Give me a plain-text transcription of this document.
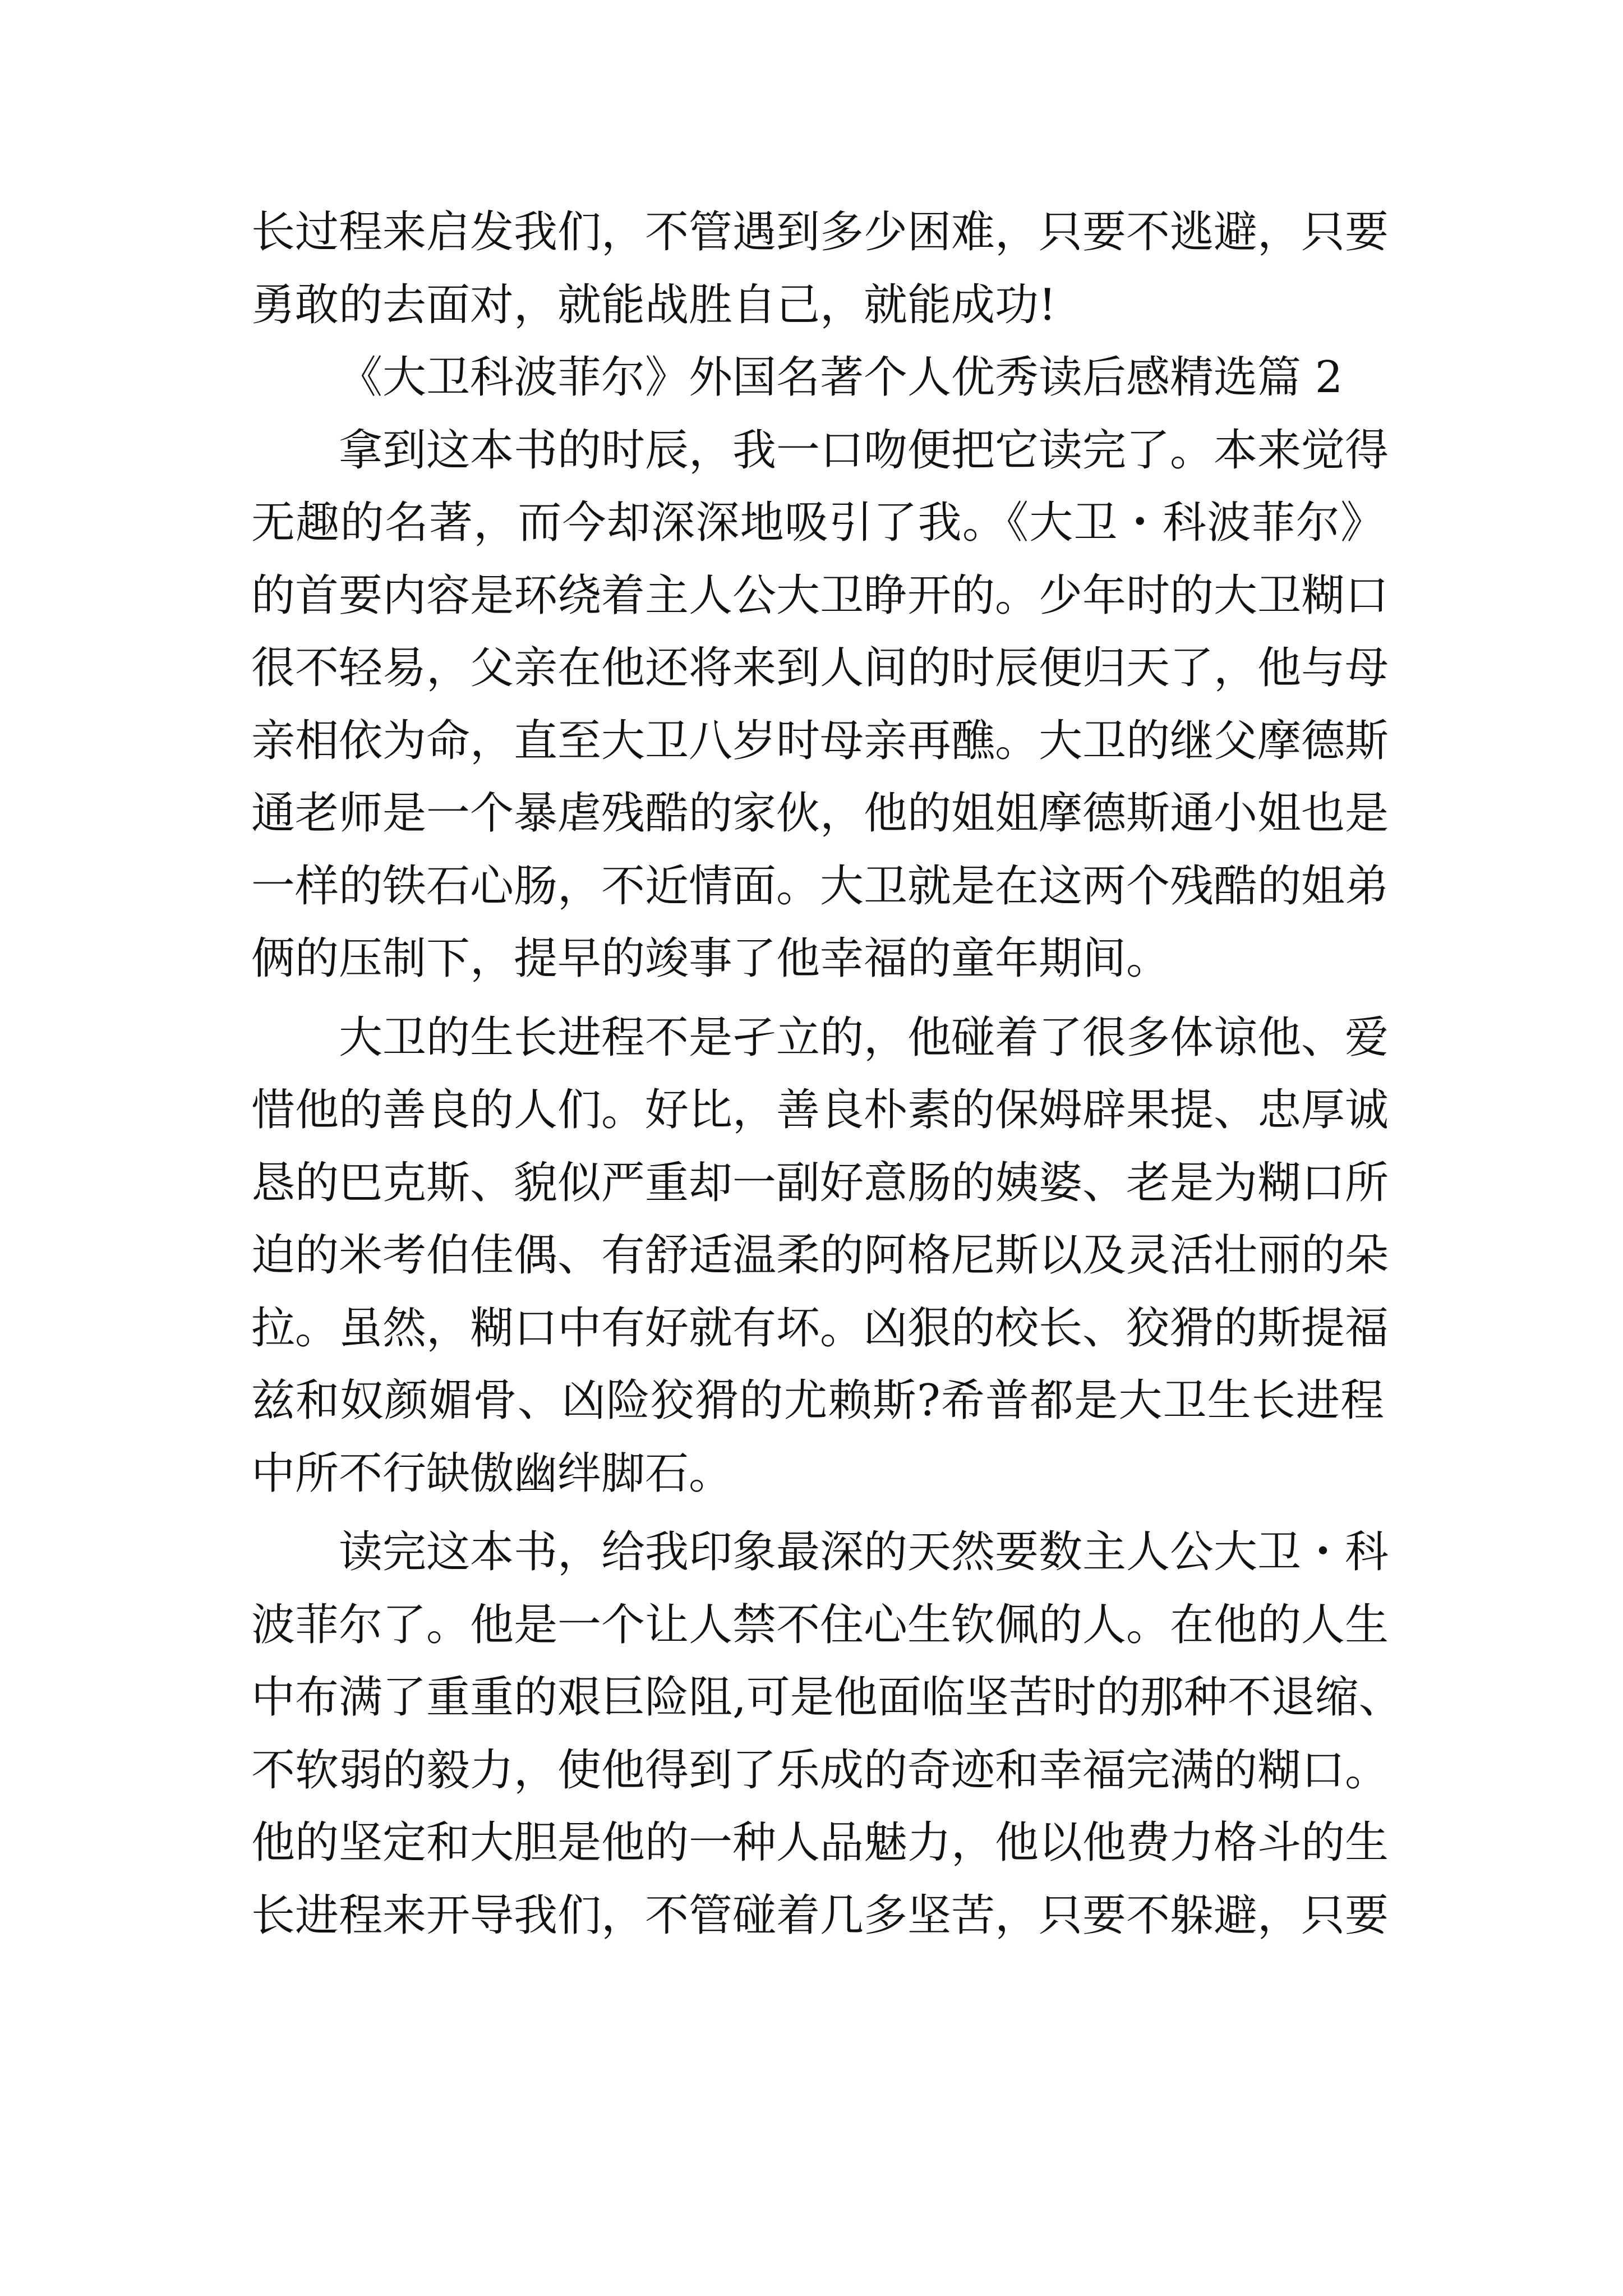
长过程来启发我们，不管遇到多少困难，只要不逃避，只要
勇敢的去面对，就能战胜自己，就能成功!
《大卫科波菲尔》外国名著个人优秀读后感精选篇 2
拿到这本书的时辰，我一口吻便把它读完了。本来觉得
无趣的名著，而今却深深地吸引了我。《大卫・科波菲尔》
的首要内容是环绕着主人公大卫睁开的。少年时的大卫糊口
很不轻易，父亲在他还将来到人间的时辰便归天了，他与母
亲相依为命，直至大卫八岁时母亲再醮。大卫的继父摩德斯
通老师是一个暴虐残酷的家伙，他的姐姐摩德斯通小姐也是
一样的铁石心肠，不近情面。大卫就是在这两个残酷的姐弟
俩的压制下，提早的竣事了他幸福的童年期间。
大卫的生长进程不是孑立的，他碰着了很多体谅他、爱
惜他的善良的人们。好比，善良朴素的保姆辟果提、忠厚诚
恳的巴克斯、貌似严重却一副好意肠的姨婆、老是为糊口所
迫的米考伯佳偶、有舒适温柔的阿格尼斯以及灵活壮丽的朵
拉。虽然，糊口中有好就有坏。凶狠的校长、狡猾的斯提福
兹和奴颜媚骨、凶险狡猾的尤赖斯?希普都是大卫生长进程
中所不行缺傲幽绊脚石。
读完这本书，给我印象最深的天然要数主人公大卫・科
波菲尔了。他是一个让人禁不住心生钦佩的人。在他的人生
中布满了重重的艰巨险阻,可是他面临坚苦时的那种不退缩、
不软弱的毅力，使他得到了乐成的奇迹和幸福完满的糊口。
他的坚定和大胆是他的一种人品魅力，他以他费力格斗的生
长进程来开导我们，不管碰着几多坚苦，只要不躲避，只要
